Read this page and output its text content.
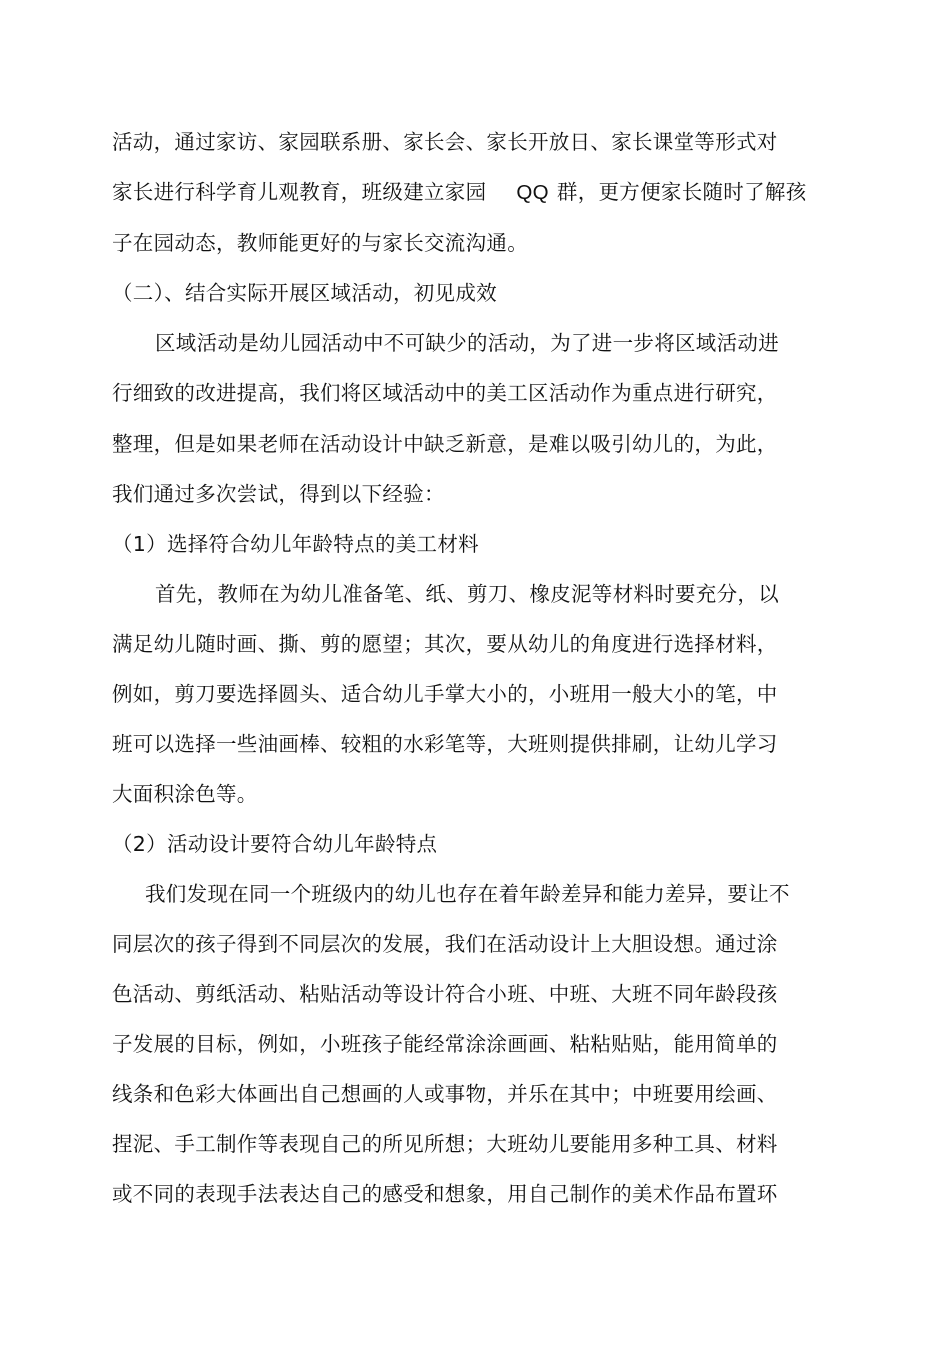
活动，通过家访、家园联系册、家长会、家长开放日、家长课堂等形式对
家长进行科学育儿观教育，班级建立家园 QQ 群，更方便家长随时了解孩
子在园动态，教师能更好的与家长交流沟通。
（二）、结合实际开展区域活动，初见成效
区域活动是幼儿园活动中不可缺少的活动，为了进一步将区域活动进
行细致的改进提高，我们将区域活动中的美工区活动作为重点进行研究，
整理，但是如果老师在活动设计中缺乏新意，是难以吸引幼儿的，为此，
我们通过多次尝试，得到以下经验：
（1）选择符合幼儿年龄特点的美工材料
首先，教师在为幼儿准备笔、纸、剪刀、橡皮泥等材料时要充分，以
满足幼儿随时画、撕、剪的愿望；其次，要从幼儿的角度进行选择材料，
例如，剪刀要选择圆头、适合幼儿手掌大小的，小班用一般大小的笔，中
班可以选择一些油画棒、较粗的水彩笔等，大班则提供排刷，让幼儿学习
大面积涂色等。
（2）活动设计要符合幼儿年龄特点
我们发现在同一个班级内的幼儿也存在着年龄差异和能力差异，要让不
同层次的孩子得到不同层次的发展，我们在活动设计上大胆设想。通过涂
色活动、剪纸活动、粘贴活动等设计符合小班、中班、大班不同年龄段孩
子发展的目标，例如，小班孩子能经常涂涂画画、粘粘贴贴，能用简单的
线条和色彩大体画出自己想画的人或事物，并乐在其中；中班要用绘画、
捏泥、手工制作等表现自己的所见所想；大班幼儿要能用多种工具、材料
或不同的表现手法表达自己的感受和想象，用自己制作的美术作品布置环
